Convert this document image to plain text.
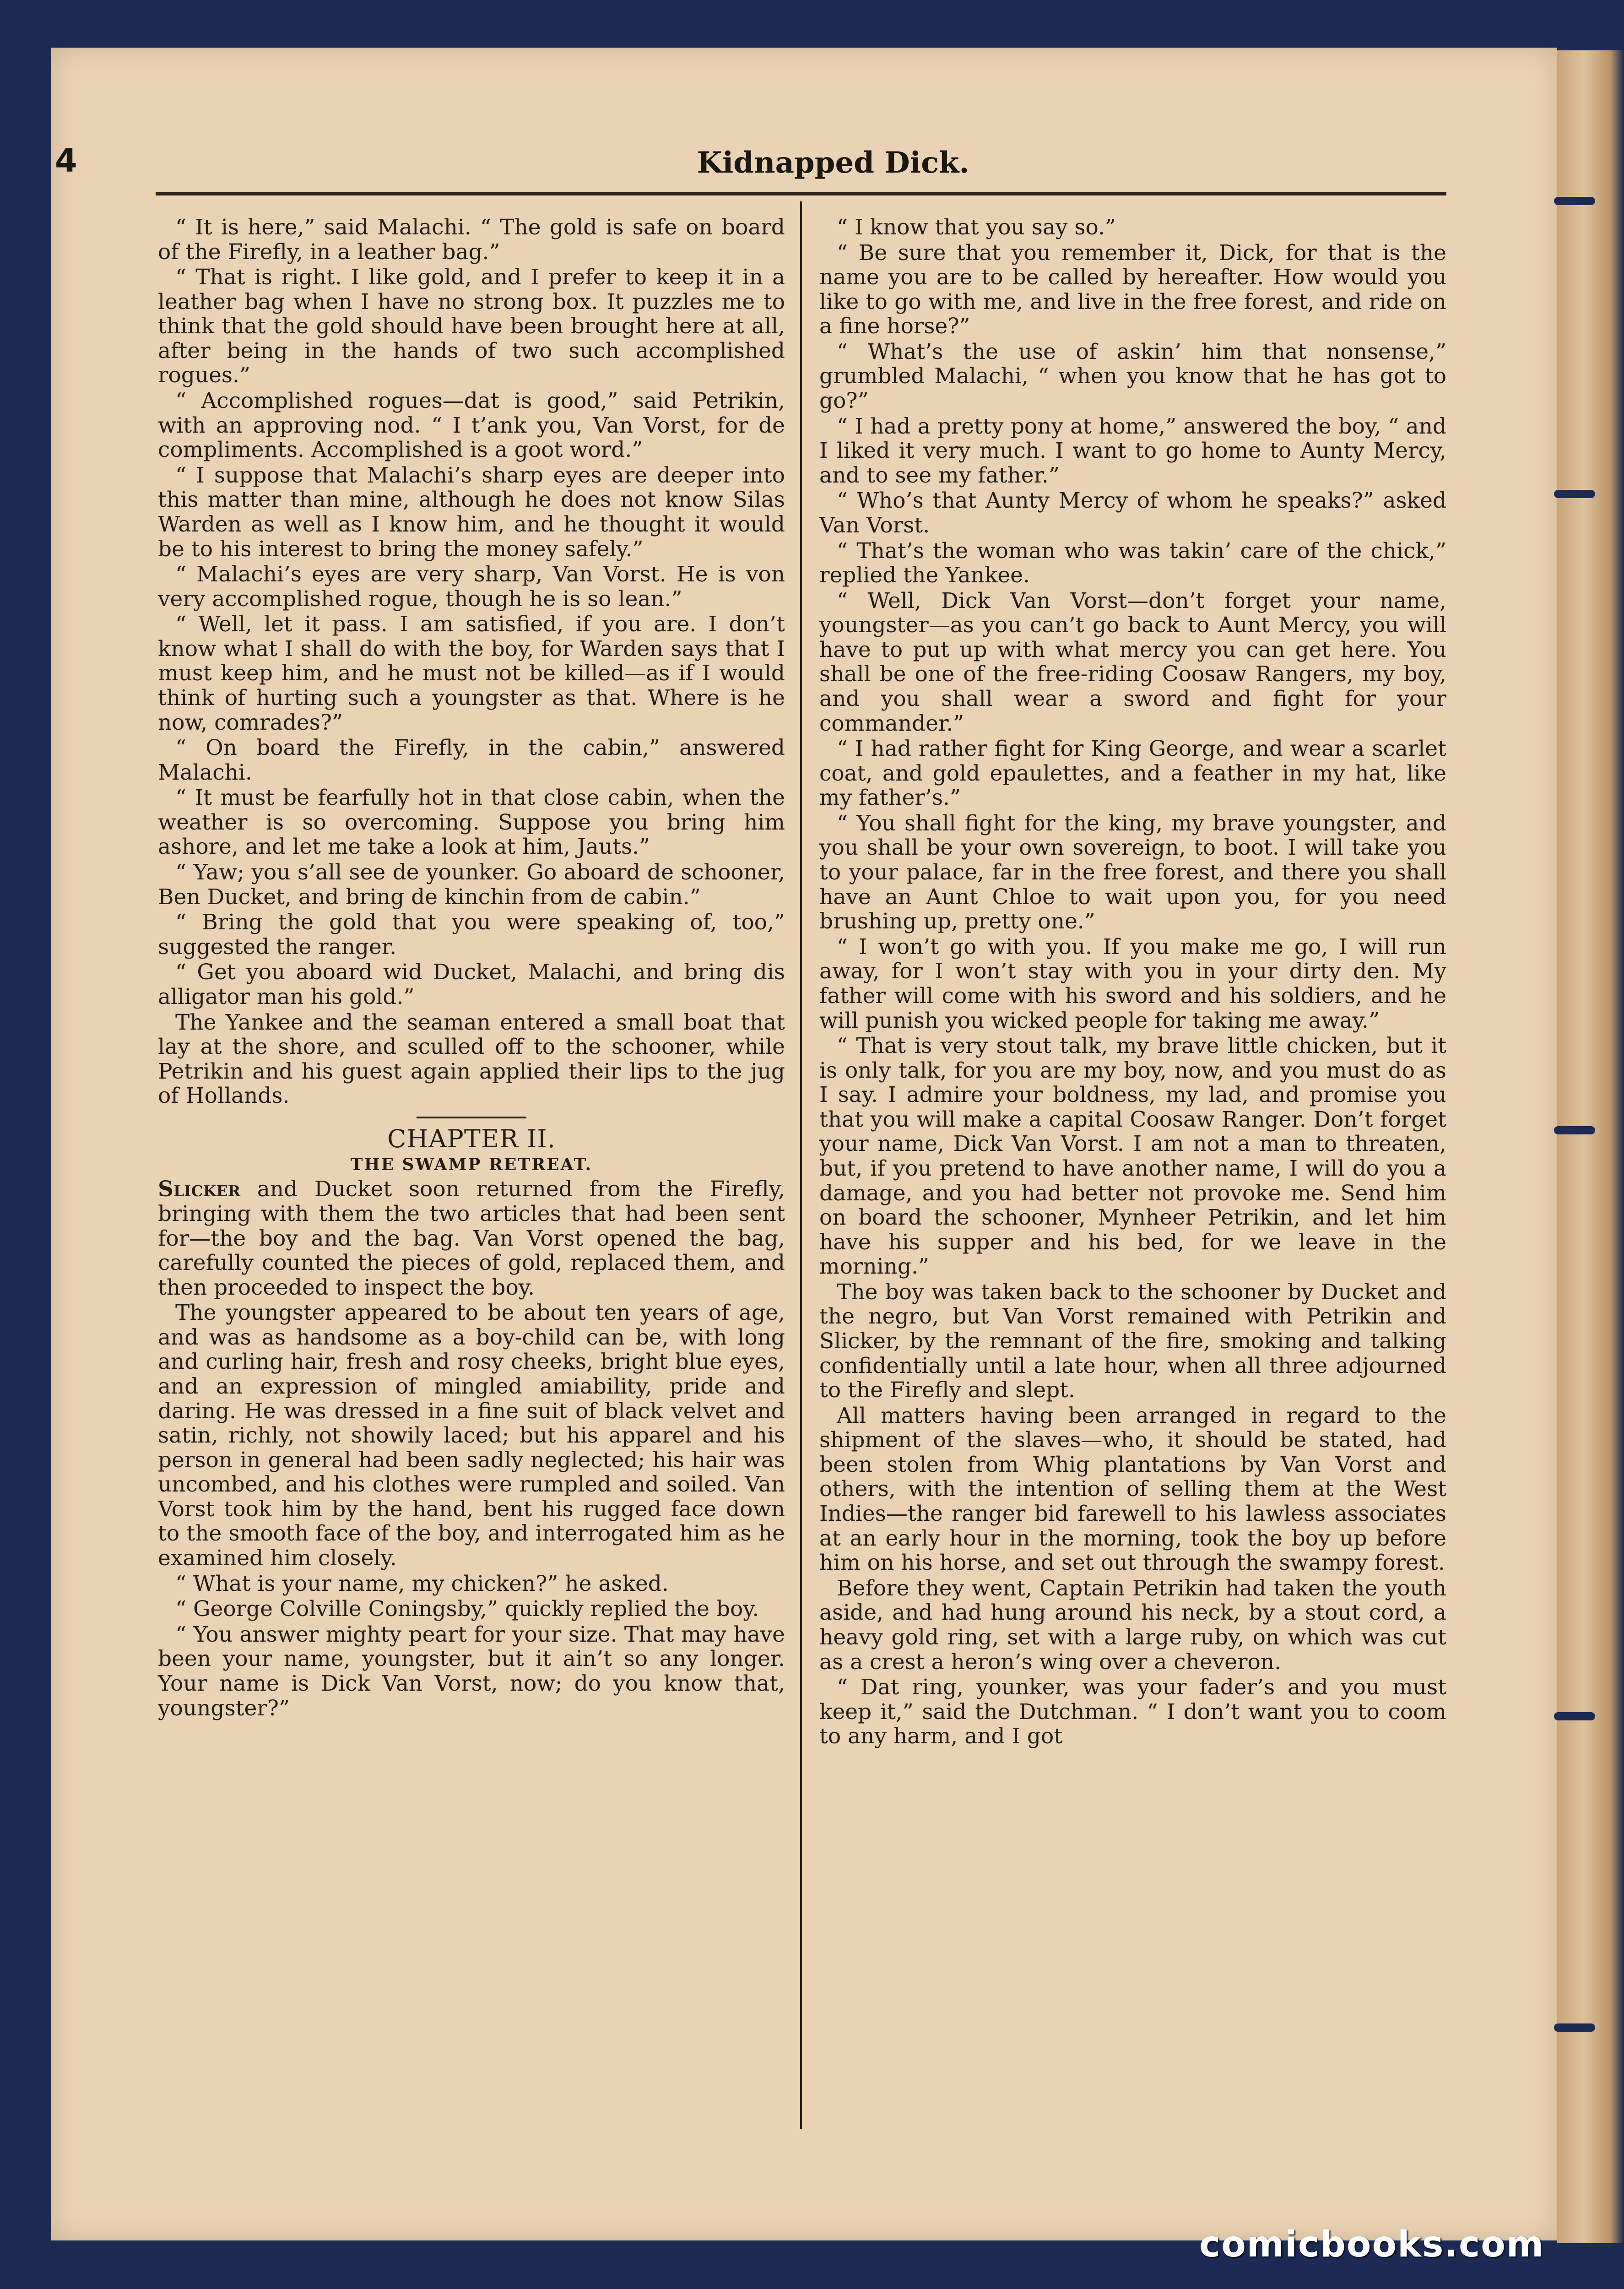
4	Kidnapped Dick.

“ It is here,” said Malachi. “ The gold is safe on board of the Firefly, in a leather bag.”

“ That is right. I like gold, and I prefer to keep it in a leather bag when I have no strong box. It puzzles me to think that the gold should have been brought here at all, after being in the hands of two such accomplished rogues.”

“ Accomplished rogues—dat is good,” said Petrikin, with an approving nod. “ I t’ank you, Van Vorst, for de compliments. Accomplished is a goot word.”

“ I suppose that Malachi’s sharp eyes are deeper into this matter than mine, although he does not know Silas Warden as well as I know him, and he thought it would be to his interest to bring the money safely.”

“ Malachi’s eyes are very sharp, Van Vorst. He is von very accomplished rogue, though he is so lean.”

“ Well, let it pass. I am satisfied, if you are. I don’t know what I shall do with the boy, for Warden says that I must keep him, and he must not be killed—as if I would think of hurting such a youngster as that. Where is he now, comrades?”

“ On board the Firefly, in the cabin,” answered Malachi.

“ It must be fearfully hot in that close cabin, when the weather is so overcoming. Suppose you bring him ashore, and let me take a look at him, Jauts.”

“ Yaw; you s’all see de younker. Go aboard de schooner, Ben Ducket, and bring de kinchin from de cabin.”

“ Bring the gold that you were speaking of, too,” suggested the ranger.

“ Get you aboard wid Ducket, Malachi, and bring dis alligator man his gold.”

The Yankee and the seaman entered a small boat that lay at the shore, and sculled off to the schooner, while Petrikin and his guest again applied their lips to the jug of Hollands.

CHAPTER II.
THE SWAMP RETREAT.

Slicker and Ducket soon returned from the Firefly, bringing with them the two articles that had been sent for—the boy and the bag. Van Vorst opened the bag, carefully counted the pieces of gold, replaced them, and then proceeded to inspect the boy.

The youngster appeared to be about ten years of age, and was as handsome as a boy-child can be, with long and curling hair, fresh and rosy cheeks, bright blue eyes, and an expression of mingled amiability, pride and daring. He was dressed in a fine suit of black velvet and satin, richly, not showily laced; but his apparel and his person in general had been sadly neglected; his hair was uncombed, and his clothes were rumpled and soiled. Van Vorst took him by the hand, bent his rugged face down to the smooth face of the boy, and interrogated him as he examined him closely.

“ What is your name, my chicken?” he asked.

“ George Colville Coningsby,” quickly replied the boy.

“ You answer mighty peart for your size. That may have been your name, youngster, but it ain’t so any longer. Your name is Dick Van Vorst, now; do you know that, youngster?”

“ I know that you say so.”

“ Be sure that you remember it, Dick, for that is the name you are to be called by hereafter. How would you like to go with me, and live in the free forest, and ride on a fine horse?”

“ What’s the use of askin’ him that nonsense,” grumbled Malachi, “ when you know that he has got to go?”

“ I had a pretty pony at home,” answered the boy, “ and I liked it very much. I want to go home to Aunty Mercy, and to see my father.”

“ Who’s that Aunty Mercy of whom he speaks?” asked Van Vorst.

“ That’s the woman who was takin’ care of the chick,” replied the Yankee.

“ Well, Dick Van Vorst—don’t forget your name, youngster—as you can’t go back to Aunt Mercy, you will have to put up with what mercy you can get here. You shall be one of the free-riding Coosaw Rangers, my boy, and you shall wear a sword and fight for your commander.”

“ I had rather fight for King George, and wear a scarlet coat, and gold epaulettes, and a feather in my hat, like my father’s.”

“ You shall fight for the king, my brave youngster, and you shall be your own sovereign, to boot. I will take you to your palace, far in the free forest, and there you shall have an Aunt Chloe to wait upon you, for you need brushing up, pretty one.”

“ I won’t go with you. If you make me go, I will run away, for I won’t stay with you in your dirty den. My father will come with his sword and his soldiers, and he will punish you wicked people for taking me away.”

“ That is very stout talk, my brave little chicken, but it is only talk, for you are my boy, now, and you must do as I say. I admire your boldness, my lad, and promise you that you will make a capital Coosaw Ranger. Don’t forget your name, Dick Van Vorst. I am not a man to threaten, but, if you pretend to have another name, I will do you a damage, and you had better not provoke me. Send him on board the schooner, Mynheer Petrikin, and let him have his supper and his bed, for we leave in the morning.”

The boy was taken back to the schooner by Ducket and the negro, but Van Vorst remained with Petrikin and Slicker, by the remnant of the fire, smoking and talking confidentially until a late hour, when all three adjourned to the Firefly and slept.

All matters having been arranged in regard to the shipment of the slaves—who, it should be stated, had been stolen from Whig plantations by Van Vorst and others, with the intention of selling them at the West Indies—the ranger bid farewell to his lawless associates at an early hour in the morning, took the boy up before him on his horse, and set out through the swampy forest.

Before they went, Captain Petrikin had taken the youth aside, and had hung around his neck, by a stout cord, a heavy gold ring, set with a large ruby, on which was cut as a crest a heron’s wing over a cheveron.

“ Dat ring, younker, was your fader’s and you must keep it,” said the Dutchman. “ I don’t want you to coom to any harm, and I got

comicbooks.com
